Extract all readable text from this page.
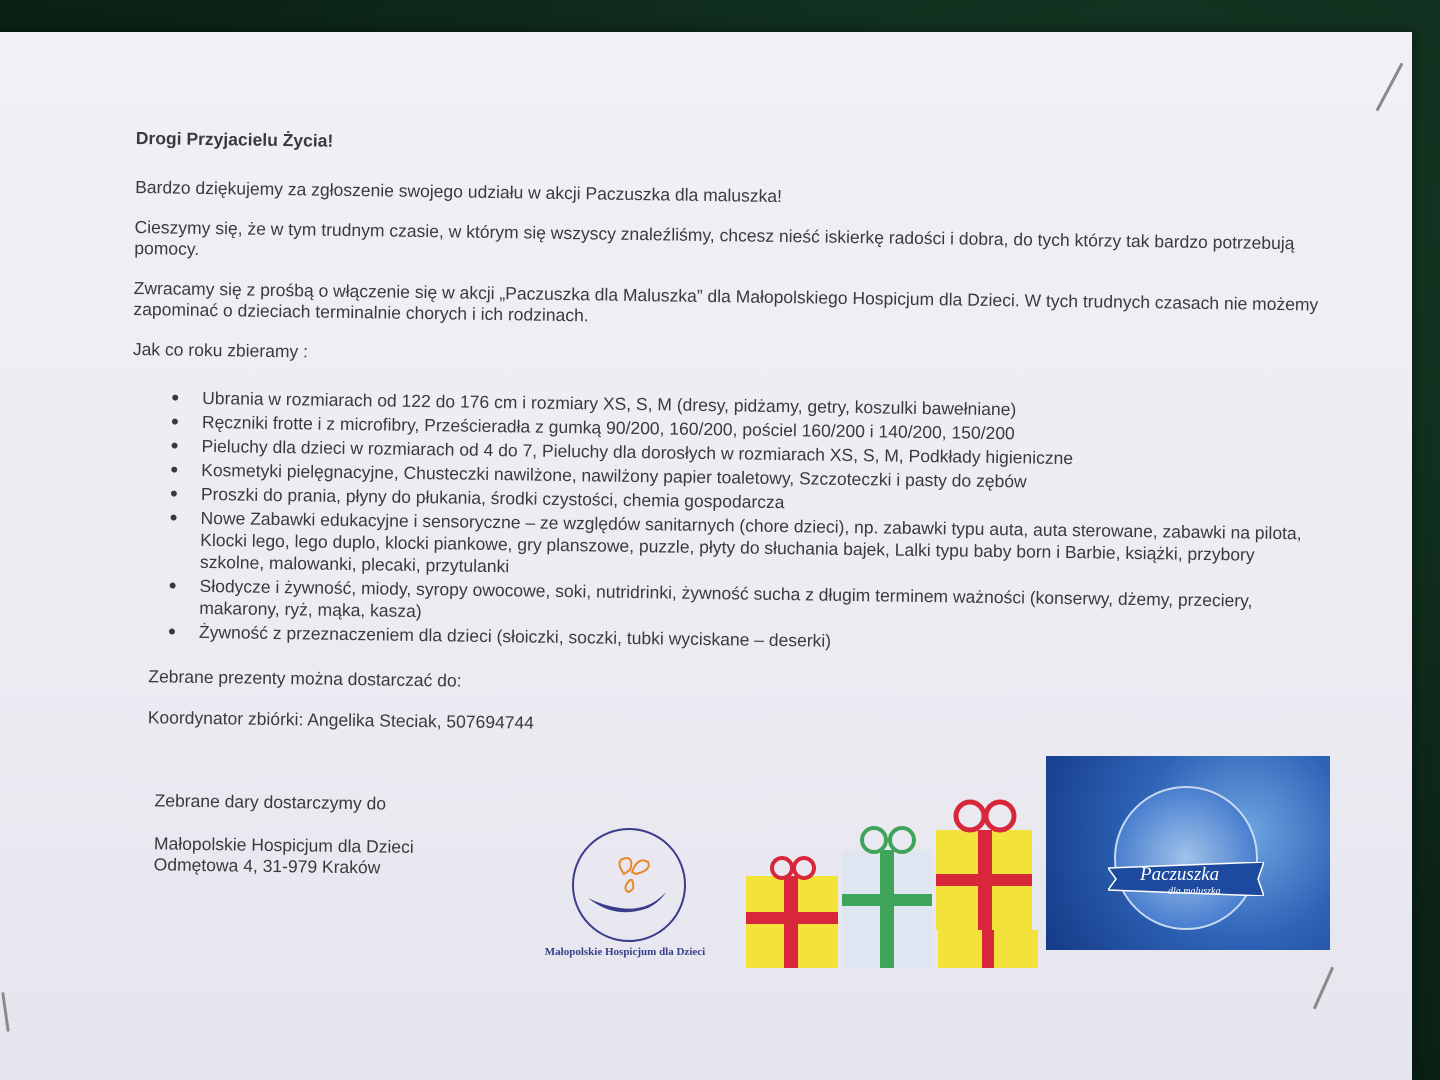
Drogi Przyjacielu Życia!

Bardzo dziękujemy za zgłoszenie swojego udziału w akcji Paczuszka dla maluszka!

Cieszymy się, że w tym trudnym czasie, w którym się wszyscy znaleźliśmy, chcesz nieść iskierkę radości i dobra, do tych którzy tak bardzo potrzebują pomocy.

Zwracamy się z prośbą o włączenie się w akcji „Paczuszka dla Maluszka” dla Małopolskiego Hospicjum dla Dzieci. W tych trudnych czasach nie możemy zapominać o dzieciach terminalnie chorych i ich rodzinach.

Jak co roku zbieramy :

Ubrania w rozmiarach od 122 do 176 cm i rozmiary XS, S, M (dresy, pidżamy, getry, koszulki bawełniane)
Ręczniki frotte i z microfibry, Prześcieradła z gumką 90/200, 160/200, pościel 160/200 i 140/200, 150/200
Pieluchy dla dzieci w rozmiarach od 4 do 7, Pieluchy dla dorosłych w rozmiarach XS, S, M, Podkłady higieniczne
Kosmetyki pielęgnacyjne, Chusteczki nawilżone, nawilżony papier toaletowy, Szczoteczki i pasty do zębów
Proszki do prania, płyny do płukania, środki czystości, chemia gospodarcza
Nowe Zabawki edukacyjne i sensoryczne – ze względów sanitarnych (chore dzieci), np. zabawki typu auta, auta sterowane, zabawki na pilota, Klocki lego, lego duplo, klocki piankowe, gry planszowe, puzzle, płyty do słuchania bajek, Lalki typu baby born i Barbie, książki, przybory szkolne, malowanki, plecaki, przytulanki
Słodycze i żywność, miody, syropy owocowe, soki, nutridrinki, żywność sucha z długim terminem ważności (konserwy, dżemy, przeciery, makarony, ryż, mąka, kasza)
Żywność z przeznaczeniem dla dzieci (słoiczki, soczki, tubki wyciskane – deserki)

Zebrane prezenty można dostarczać do:

Koordynator zbiórki: Angelika Steciak, 507694744

Zebrane dary dostarczymy do

Małopolskie Hospicjum dla Dzieci

Odmętowa 4, 31-979 Kraków

Małopolskie Hospicjum dla Dzieci
Paczuszka
dla maluszka
